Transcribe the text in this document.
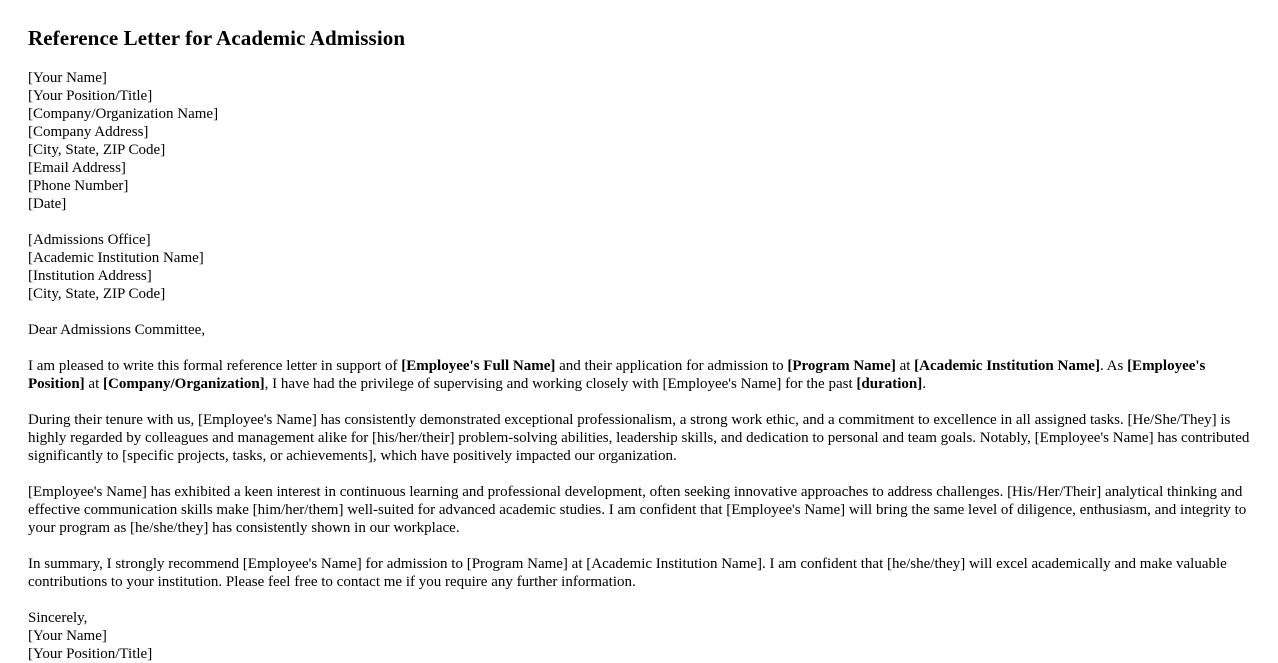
Reference Letter for Academic Admission
[Your Name]
[Your Position/Title]
[Company/Organization Name]
[Company Address]
[City, State, ZIP Code]
[Email Address]
[Phone Number]
[Date]
[Admissions Office]
[Academic Institution Name]
[Institution Address]
[City, State, ZIP Code]
Dear Admissions Committee,

I am pleased to write this formal reference letter in support of [Employee's Full Name] and their application for admission to [Program Name] at [Academic Institution Name]. As [Employee's Position] at [Company/Organization], I have had the privilege of supervising and working closely with [Employee's Name] for the past [duration].

During their tenure with us, [Employee's Name] has consistently demonstrated exceptional professionalism, a strong work ethic, and a commitment to excellence in all assigned tasks. [He/She/They] is highly regarded by colleagues and management alike for [his/her/their] problem-solving abilities, leadership skills, and dedication to personal and team goals. Notably, [Employee's Name] has contributed significantly to [specific projects, tasks, or achievements], which have positively impacted our organization.

[Employee's Name] has exhibited a keen interest in continuous learning and professional development, often seeking innovative approaches to address challenges. [His/Her/Their] analytical thinking and effective communication skills make [him/her/them] well-suited for advanced academic studies. I am confident that [Employee's Name] will bring the same level of diligence, enthusiasm, and integrity to your program as [he/she/they] has consistently shown in our workplace.

In summary, I strongly recommend [Employee's Name] for admission to [Program Name] at [Academic Institution Name]. I am confident that [he/she/they] will excel academically and make valuable contributions to your institution. Please feel free to contact me if you require any further information.

Sincerely,
[Your Name]
[Your Position/Title]
